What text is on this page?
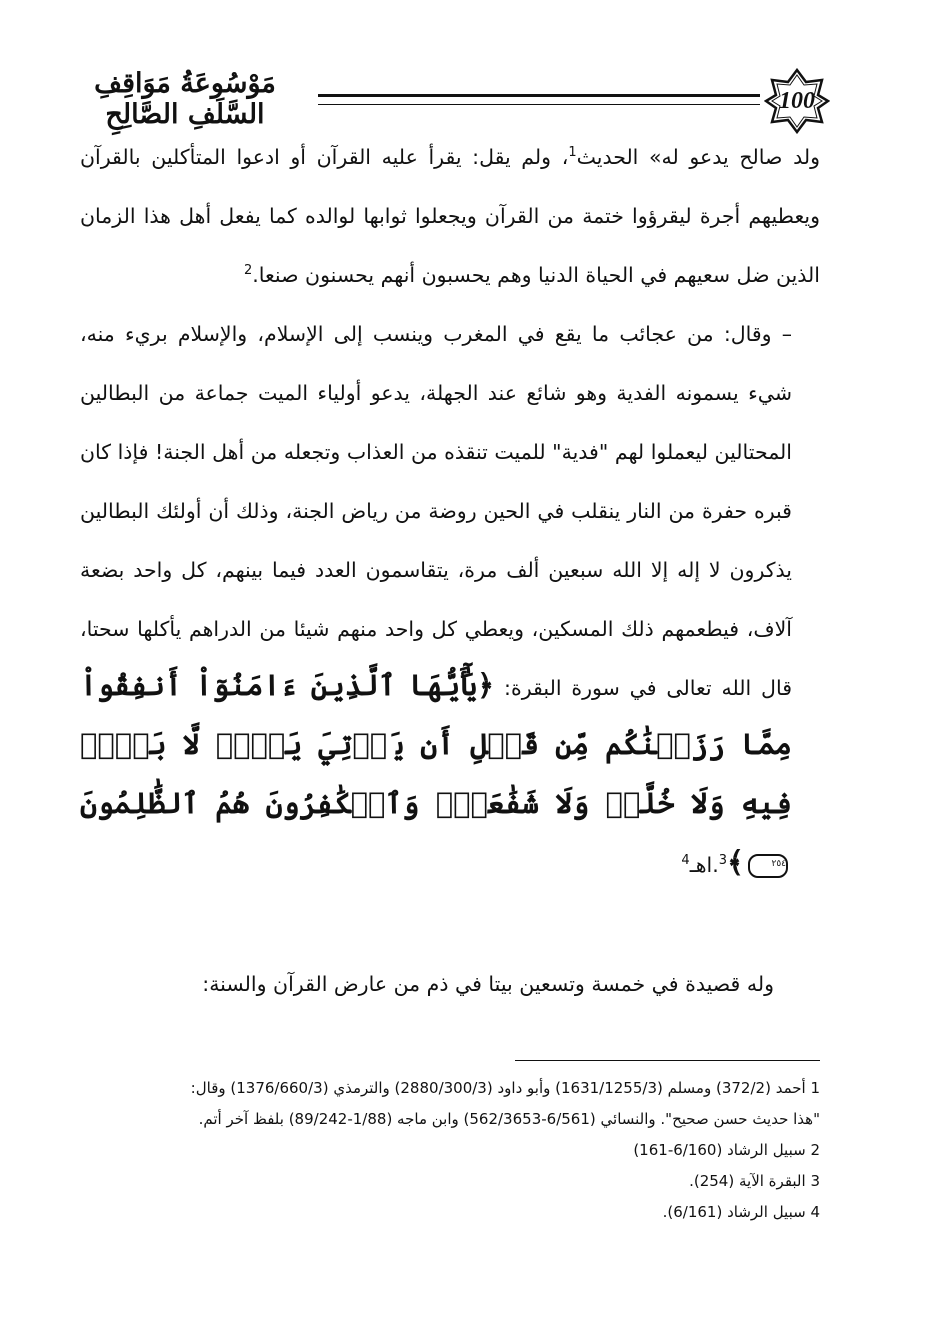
100
مَوْسُوعَةُ مَوَاقِفِ السَّلَفِ الصَّالِحِ

ولد صالح يدعو له» الحديث$^1$، ولم يقل: يقرأ عليه القرآن أو ادعوا المتأكلين بالقرآن ويعطيهم أجرة ليقرؤوا ختمة من القرآن ويجعلوا ثوابها لوالده كما يفعل أهل هذا الزمان الذين ضل سعيهم في الحياة الدنيا وهم يحسبون أنهم يحسنون صنعا.$^2$

– وقال: من عجائب ما يقع في المغرب وينسب إلى الإسلام، والإسلام بريء منه، شيء يسمونه الفدية وهو شائع عند الجهلة، يدعو أولياء الميت جماعة من البطالين المحتالين ليعملوا لهم "فدية" للميت تنقذه من العذاب وتجعله من أهل الجنة! فإذا كان قبره حفرة من النار ينقلب في الحين روضة من رياض الجنة، وذلك أن أولئك البطالين يذكرون لا إله إلا الله سبعين ألف مرة، يتقاسمون العدد فيما بينهم، كل واحد بضعة آلاف، فيطعمهم ذلك المسكين، ويعطي كل واحد منهم شيئا من الدراهم يأكلها سحتا، قال الله تعالى في سورة البقرة: ﴿يَٰٓأَيُّهَا ٱلَّذِينَ ءَامَنُوٓاْ أَنفِقُواْ مِمَّا رَزَقۡنَٰكُم مِّن قَبۡلِ أَن يَأۡتِيَ يَوۡمٞ لَّا بَيۡعٞ فِيهِ وَلَا خُلَّةٞ وَلَا شَفَٰعَةٞۗ وَٱلۡكَٰفِرُونَ هُمُ ٱلظَّٰلِمُونَ ٢٥٤﴾$^3$.اهـ$^4$

وله قصيدة في خمسة وتسعين بيتا في ذم من عارض القرآن والسنة:

1 أحمد (372/2) ومسلم (1631/1255/3) وأبو داود (2880/300/3) والترمذي (1376/660/3) وقال:

"هذا حديث حسن صحيح". والنسائي (6/561-562/3653) وابن ماجه (1/88-89/242) بلفظ آخر أتم.

2 سبيل الرشاد (6/160-161)

3 البقرة الآية (254).

4 سبيل الرشاد (6/161).
